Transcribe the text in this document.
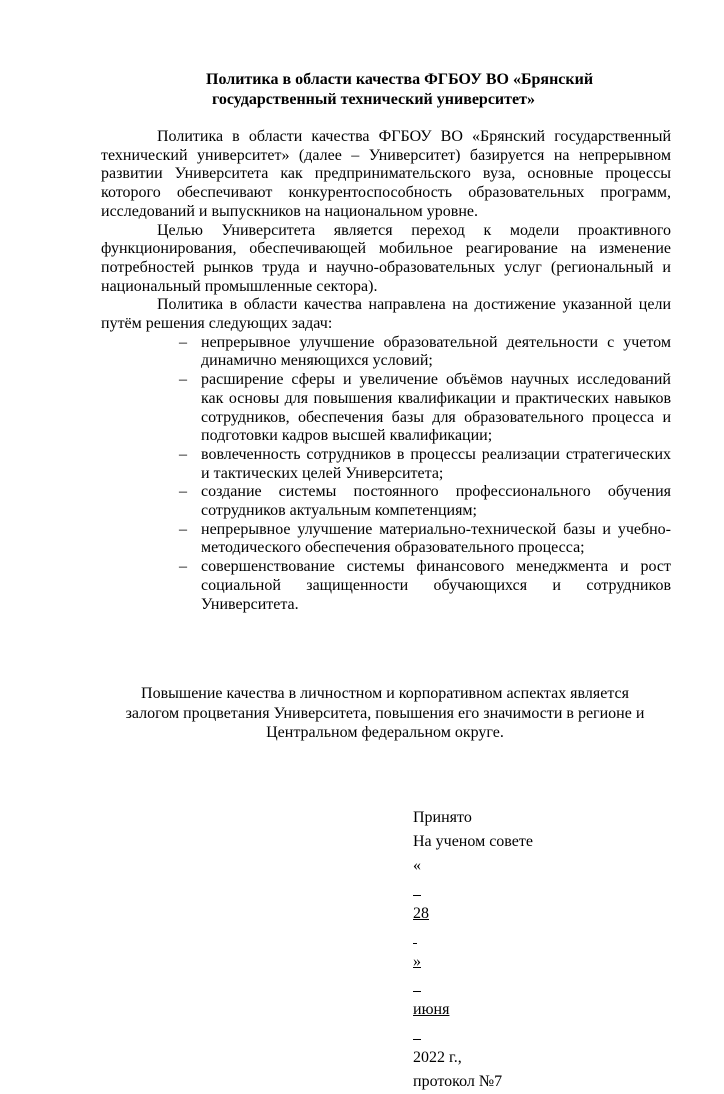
Политика в области качества ФГБОУ ВО «Брянский
государственный технический университет»

Политика в области качества ФГБОУ ВО «Брянский государственный технический университет» (далее – Университет) базируется на непрерывном развитии Университета как предпринимательского вуза, основные процессы которого обеспечивают конкурентоспособность образовательных программ, исследований и выпускников на национальном уровне.

Целью Университета является переход к модели проактивного функционирования, обеспечивающей мобильное реагирование на изменение потребностей рынков труда и научно-образовательных услуг (региональный и национальный промышленные сектора).

Политика в области качества направлена на достижение указанной цели путём решения следующих задач:

– непрерывное улучшение образовательной деятельности с учетом динамично меняющихся условий;
– расширение сферы и увеличение объёмов научных исследований как основы для повышения квалификации и практических навыков сотрудников, обеспечения базы для образовательного процесса и подготовки кадров высшей квалификации;
– вовлеченность сотрудников в процессы реализации стратегических и тактических целей Университета;
– создание системы постоянного профессионального обучения сотрудников актуальным компетенциям;
– непрерывное улучшение материально-технической базы и учебно-методического обеспечения образовательного процесса;
– совершенствование системы финансового менеджмента и рост социальной защищенности обучающихся и сотрудников Университета.
Повышение качества в личностном и корпоративном аспектах является
залогом процветания Университета, повышения его значимости в регионе и
Центральном федеральном округе.
Принято
На ученом совете
«

28

»

июня

2022 г.,
протокол №7
